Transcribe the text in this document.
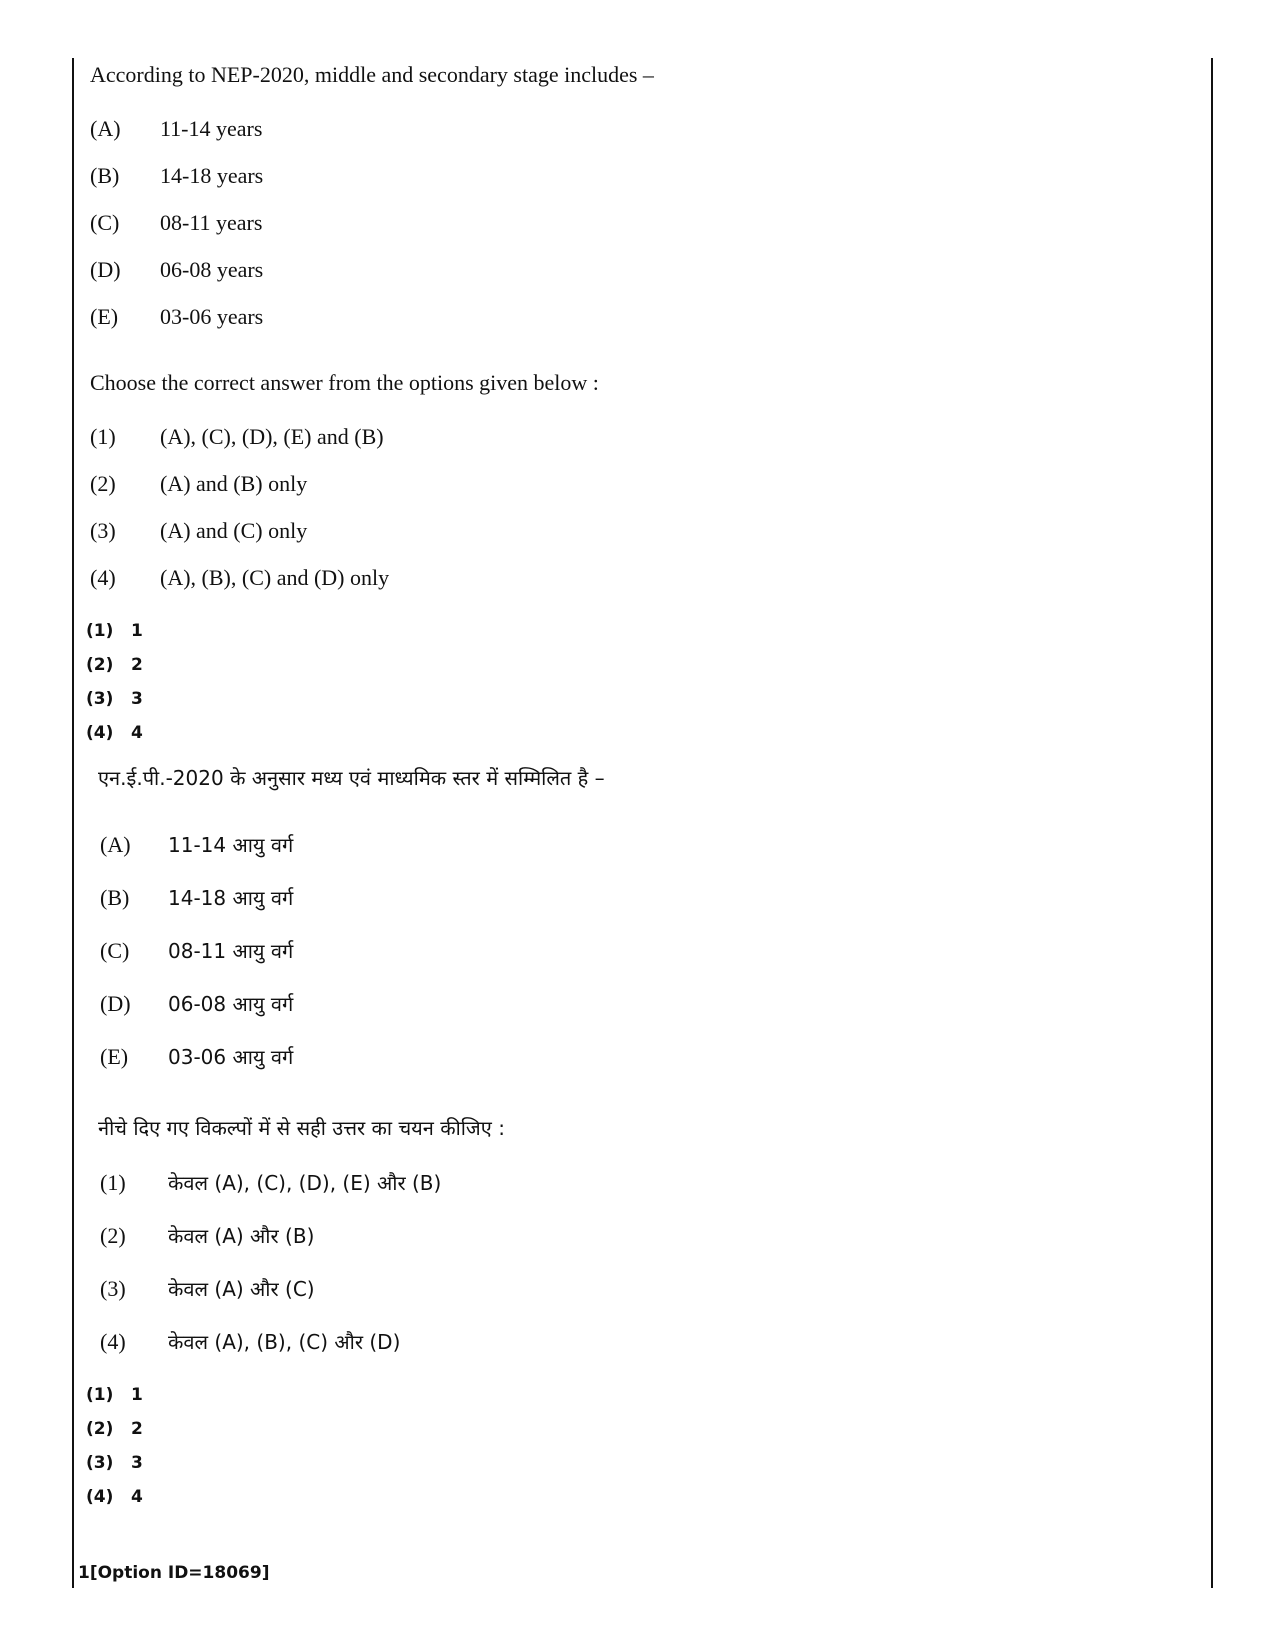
According to NEP-2020, middle and secondary stage includes –
(A) 11-14 years
(B) 14-18 years
(C) 08-11 years
(D) 06-08 years
(E) 03-06 years
Choose the correct answer from the options given below :
(1) (A), (C), (D), (E) and (B)
(2) (A) and (B) only
(3) (A) and (C) only
(4) (A), (B), (C) and (D) only
(1) 1
(2) 2
(3) 3
(4) 4
एन.ई.पी.-2020 के अनुसार मध्य एवं माध्यमिक स्तर में सम्मिलित है –
(A) 11-14 आयु वर्ग
(B) 14-18 आयु वर्ग
(C) 08-11 आयु वर्ग
(D) 06-08 आयु वर्ग
(E) 03-06 आयु वर्ग
नीचे दिए गए विकल्पों में से सही उत्तर का चयन कीजिए :
(1) केवल (A), (C), (D), (E) और (B)
(2) केवल (A) और (B)
(3) केवल (A) और (C)
(4) केवल (A), (B), (C) और (D)
(1) 1
(2) 2
(3) 3
(4) 4
1[Option ID=18069]
